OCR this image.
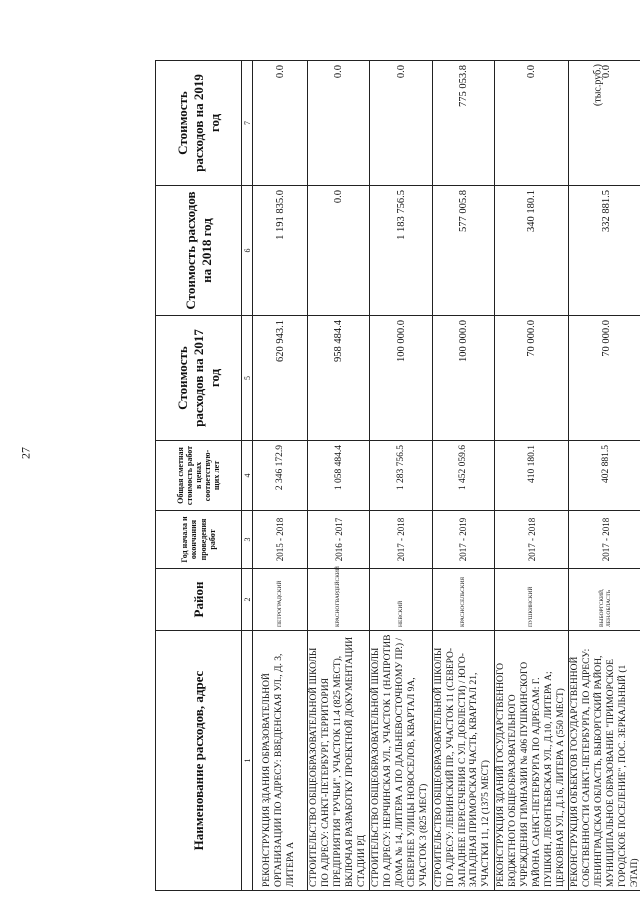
27
(тыс.руб.)
Наименование расходов, адрес	Район	Год начала и окончания проведения работ	Общая сметная стоимость работ в ценах соответствую-щих лет	Стоимость расходов на 2017 год	Стоимость расходов на 2018 год	Стоимость расходов на 2019 год
1	2	3	4	5	6	7
РЕКОНСТРУКЦИЯ ЗДАНИЯ ОБРАЗОВАТЕЛЬНОЙ ОРГАНИЗАЦИИ ПО АДРЕСУ: ВВЕДЕНСКАЯ УЛ., Д. 3, ЛИТЕРА А	ПЕТРОГРАДСКИЙ	2015 - 2018	2 346 172.9	620 943.1	1 191 835.0	0.0
СТРОИТЕЛЬСТВО ОБЩЕОБРАЗОВАТЕЛЬНОЙ ШКОЛЫ ПО АДРЕСУ: САНКТ-ПЕТЕРБУРГ, ТЕРРИТОРИЯ ПРЕДПРИЯТИЯ "РУЧЬИ", УЧАСТОК 11.4 (825 МЕСТ), ВКЛЮЧАЯ РАЗРАБОТКУ ПРОЕКТНОЙ ДОКУМЕНТАЦИИ СТАДИИ РД	КРАСНОГВАРДЕЙСКИЙ	2016 - 2017	1 058 484.4	958 484.4	0.0	0.0
СТРОИТЕЛЬСТВО ОБЩЕОБРАЗОВАТЕЛЬНОЙ ШКОЛЫ ПО АДРЕСУ: НЕРЧИНСКАЯ УЛ., УЧАСТОК 1 (НАПРОТИВ ДОМА № 14, ЛИТЕРА А ПО ДАЛЬНЕВОСТОЧНОМУ ПР.) / СЕВЕРНЕЕ УЛИЦЫ НОВОСЕЛОВ, КВАРТАЛ 9А, УЧАСТОК 3 (825 МЕСТ)	НЕВСКИЙ	2017 - 2018	1 283 756.5	100 000.0	1 183 756.5	0.0
СТРОИТЕЛЬСТВО ОБЩЕОБРАЗОВАТЕЛЬНОЙ ШКОЛЫ ПО АДРЕСУ: ЛЕНИНСКИЙ ПР., УЧАСТОК 11 (СЕВЕРО-ЗАПАДНЕЕ ПЕРЕСЕЧЕНИЯ С УЛ. ДОБЛЕСТИ) / ЮГО-ЗАПАДНАЯ ПРИМОРСКАЯ ЧАСТЬ, КВАРТАЛ 21, УЧАСТКИ 11, 12 (1375 МЕСТ)	КРАСНОСЕЛЬСКИЯ	2017 - 2019	1 452 059.6	100 000.0	577 005.8	775 053.8
РЕКОНСТРУКЦИЯ ЗДАНИЙ ГОСУДАРСТВЕННОГО БЮДЖЕТНОГО ОБЩЕОБРАЗОВАТЕЛЬНОГО УЧРЕЖДЕНИЯ ГИМНАЗИИ № 406 ПУШКИНСКОГО РАЙОНА САНКТ-ПЕТЕРБУРГА ПО АДРЕСАМ: Г. ПУШКИН, ЛЕОНТЬЕВСКАЯ УЛ., Д.10, ЛИТЕРА А; ЦЕРКОВНАЯ УЛ., Д.16, ЛИТЕРА А (550 МЕСТ)	ПУШКИНСКИЙ	2017 - 2018	410 180.1	70 000.0	340 180.1	0.0
РЕКОНСТРУКЦИЯ ОБЪЕКТОВ ГОСУДАРСТВЕННОЙ СОБСТВЕННОСТИ САНКТ-ПЕТЕРБУРГА, ПО АДРЕСУ: ЛЕНИНГРАДСКАЯ ОБЛАСТЬ, ВЫБОРГСКИЙ РАЙОН, МУНИЦИПАЛЬНОЕ ОБРАЗОВАНИЕ "ПРИМОРСКОЕ ГОРОДСКОЕ ПОСЕЛЕНИЕ", ПОС. ЗЕРКАЛЬНЫЙ (1 ЭТАП)	ВЫБОРГСКИЙ, ЛЕН.ОБЛАСТЬ	2017 - 2018	402 881.5	70 000.0	332 881.5	0.0
